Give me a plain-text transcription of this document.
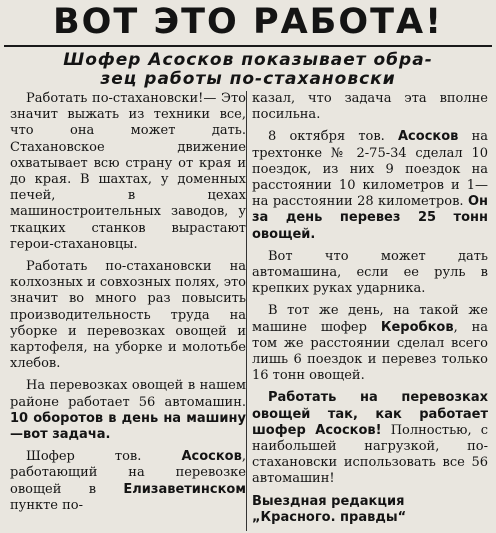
ВОТ ЭТО РАБОТА!
Шофер Асосков показывает обра-
зец работы по-стахановски

Работать по-стахановски!— Это значит выжать из техники все, что она может дать. Стахановское движение охватывает всю страну от края и до края. В шахтах, у доменных печей, в цехах машиностроительных заводов, у ткацких станков вырастают герои-стахановцы.

Работать по-стахановски на колхозных и совхозных полях, это значит во много раз повысить производительность труда на уборке и перевозках овощей и картофеля, на уборке и молотьбе хлебов.

На перевозках овощей в нашем районе работает 56 автомашин. 10 оборотов в день на машину—вот задача.

Шофер тов.	Асосков, работающий на перевозке овощей в Елизаветинском пункте по-

казал, что задача эта вполне посильна.

8 октября тов. Асосков на трехтонке № 2-75-34 сделал 10 поездок, из них 9 поездок на расстоянии 10 километров и 1—на расстоянии 28 километров. Он за день перевез 25 тонн овощей.

Вот что может дать автомашина, если ее руль в крепких руках ударника.

В тот же день, на такой же машине шофер Керобков, на том же расстоянии сделал всего лишь 6 поездок и перевез только 16 тонн овощей.

Работать на перевозках овощей так, как работает шофер Асосков! Полностью, с наибольшей нагрузкой, по-стахановски использовать все 56 автомашин!

Выездная редакция

„Красного. правды“
